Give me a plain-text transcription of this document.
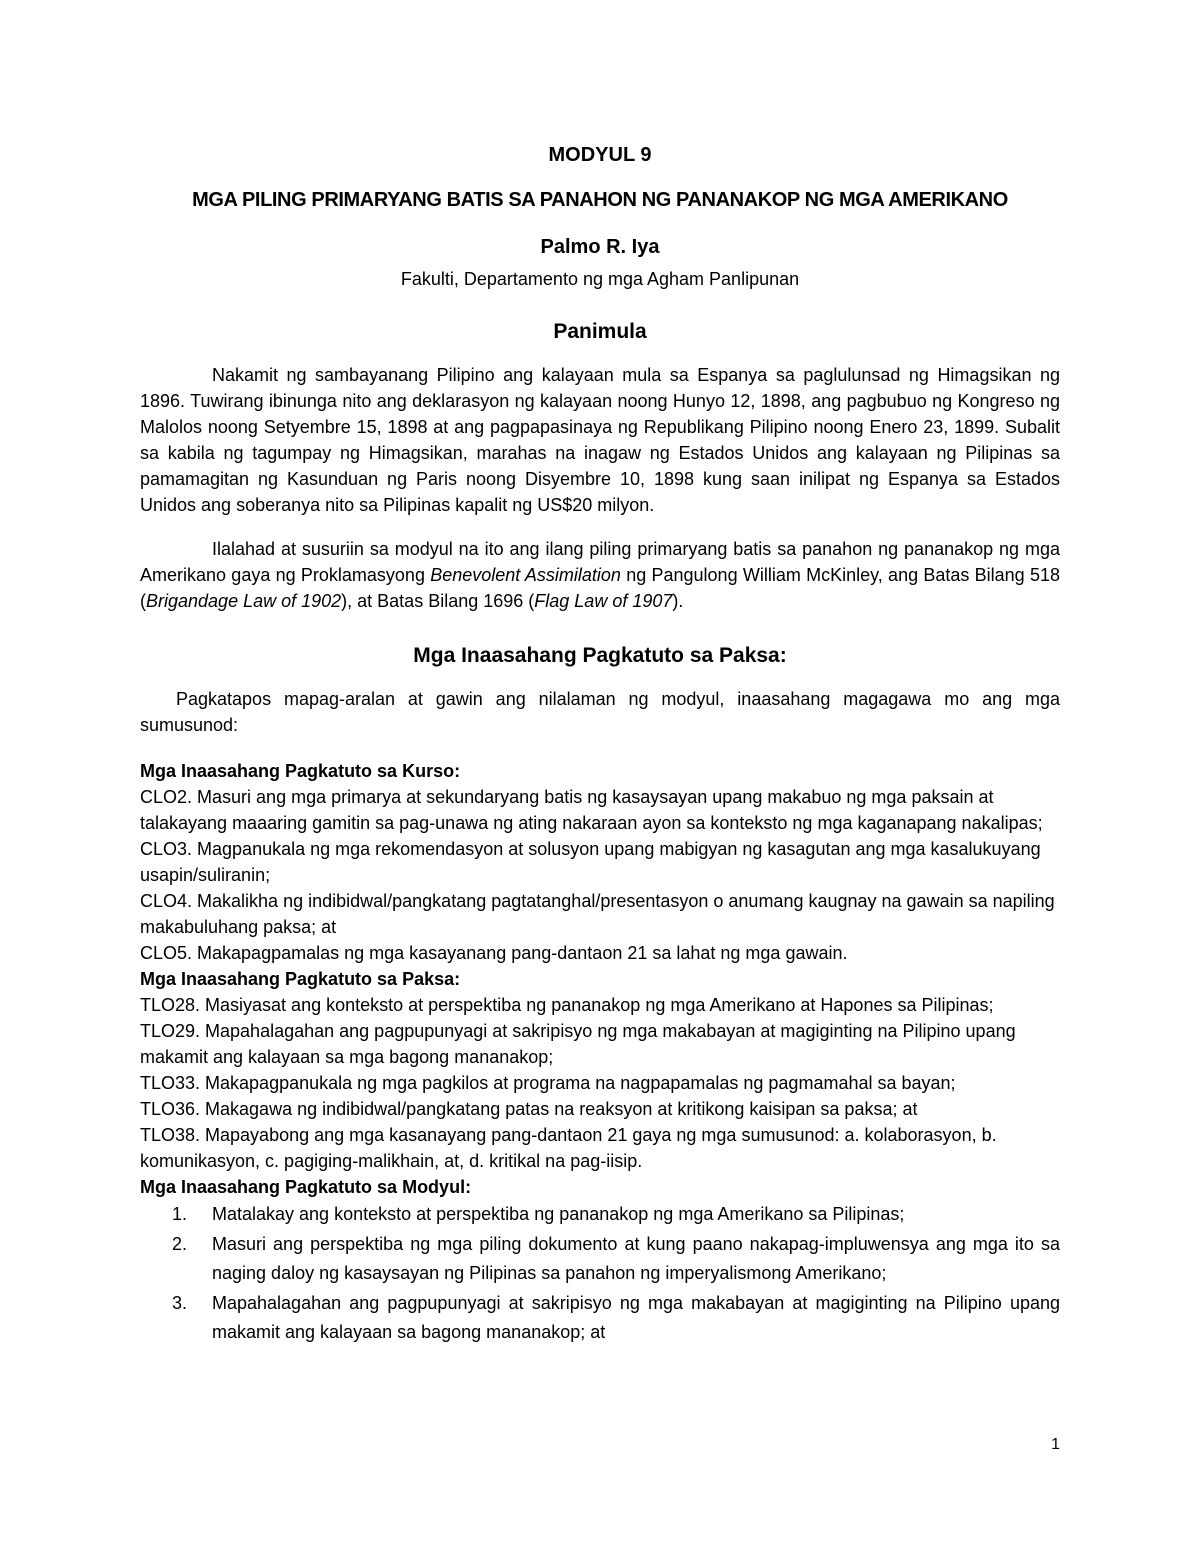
MODYUL 9
MGA PILING PRIMARYANG BATIS SA PANAHON NG PANANAKOP NG MGA AMERIKANO
Palmo R. Iya
Fakulti, Departamento ng mga Agham Panlipunan
Panimula

Nakamit ng sambayanang Pilipino ang kalayaan mula sa Espanya sa paglulunsad ng Himagsikan ng 1896. Tuwirang ibinunga nito ang deklarasyon ng kalayaan noong Hunyo 12, 1898, ang pagbubuo ng Kongreso ng Malolos noong Setyembre 15, 1898 at ang pagpapasinaya ng Republikang Pilipino noong Enero 23, 1899. Subalit sa kabila ng tagumpay ng Himagsikan, marahas na inagaw ng Estados Unidos ang kalayaan ng Pilipinas sa pamamagitan ng Kasunduan ng Paris noong Disyembre 10, 1898 kung saan inilipat ng Espanya sa Estados Unidos ang soberanya nito sa Pilipinas kapalit ng US$20 milyon.

Ilalahad at susuriin sa modyul na ito ang ilang piling primaryang batis sa panahon ng pananakop ng mga Amerikano gaya ng Proklamasyong Benevolent Assimilation ng Pangulong William McKinley, ang Batas Bilang 518 (Brigandage Law of 1902), at Batas Bilang 1696 (Flag Law of 1907).

Mga Inaasahang Pagkatuto sa Paksa:

Pagkatapos mapag-aralan at gawin ang nilalaman ng modyul, inaasahang magagawa mo ang mga sumusunod:

Mga Inaasahang Pagkatuto sa Kurso:
CLO2. Masuri ang mga primarya at sekundaryang batis ng kasaysayan upang makabuo ng mga paksain at talakayang maaaring gamitin sa pag-unawa ng ating nakaraan ayon sa konteksto ng mga kaganapang nakalipas;
CLO3. Magpanukala ng mga rekomendasyon at solusyon upang mabigyan ng kasagutan ang mga kasalukuyang usapin/suliranin;
CLO4. Makalikha ng indibidwal/pangkatang pagtatanghal/presentasyon o anumang kaugnay na gawain sa napiling makabuluhang paksa; at
CLO5. Makapagpamalas ng mga kasayanang pang-dantaon 21 sa lahat ng mga gawain.
Mga Inaasahang Pagkatuto sa Paksa:
TLO28. Masiyasat ang konteksto at perspektiba ng pananakop ng mga Amerikano at Hapones sa Pilipinas;
TLO29. Mapahalagahan ang pagpupunyagi at sakripisyo ng mga makabayan at magiginting na Pilipino upang makamit ang kalayaan sa mga bagong mananakop;
TLO33. Makapagpanukala ng mga pagkilos at programa na nagpapamalas ng pagmamahal sa bayan;
TLO36. Makagawa ng indibidwal/pangkatang patas na reaksyon at kritikong kaisipan sa paksa; at
TLO38. Mapayabong ang mga kasanayang pang-dantaon 21 gaya ng mga sumusunod: a. kolaborasyon, b. komunikasyon, c. pagiging-malikhain, at, d. kritikal na pag-iisip.
Mga Inaasahang Pagkatuto sa Modyul:
1. Matalakay ang konteksto at perspektiba ng pananakop ng mga Amerikano sa Pilipinas;
2. Masuri ang perspektiba ng mga piling dokumento at kung paano nakapag-impluwensya ang mga ito sa naging daloy ng kasaysayan ng Pilipinas sa panahon ng imperyalismong Amerikano;
3. Mapahalagahan ang pagpupunyagi at sakripisyo ng mga makabayan at magiginting na Pilipino upang makamit ang kalayaan sa bagong mananakop; at
1
